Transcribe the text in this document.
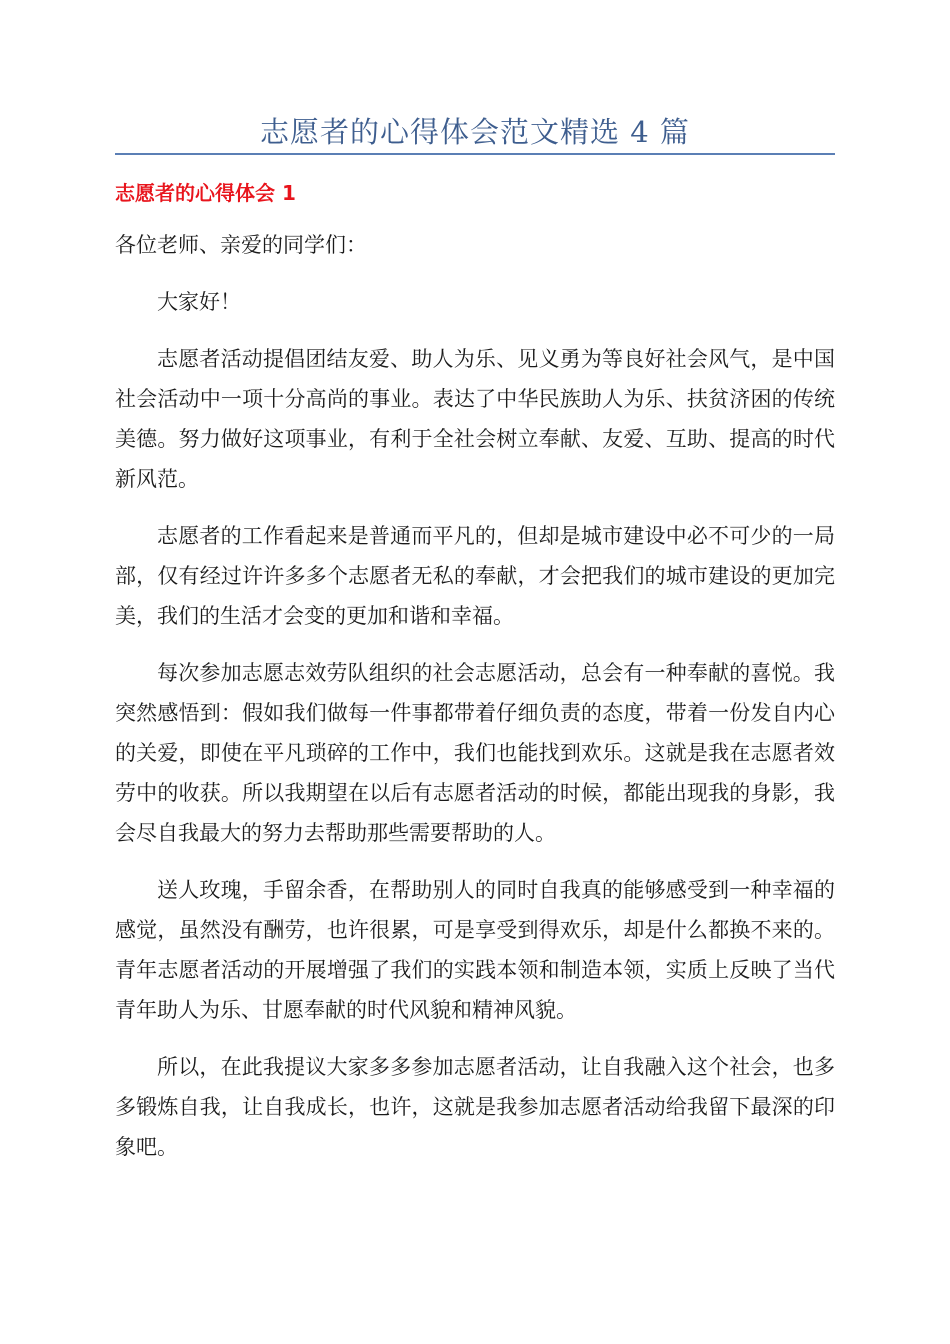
志愿者的心得体会范文精选 4 篇
志愿者的心得体会 1

各位老师、亲爱的同学们：

大家好！

志愿者活动提倡团结友爱、助人为乐、见义勇为等良好社会风气，是中国社会活动中一项十分高尚的事业。表达了中华民族助人为乐、扶贫济困的传统美德。努力做好这项事业，有利于全社会树立奉献、友爱、互助、提高的时代新风范。

志愿者的工作看起来是普通而平凡的，但却是城市建设中必不可少的一局部，仅有经过许许多多个志愿者无私的奉献，才会把我们的城市建设的更加完美，我们的生活才会变的更加和谐和幸福。

每次参加志愿志效劳队组织的社会志愿活动，总会有一种奉献的喜悦。我突然感悟到：假如我们做每一件事都带着仔细负责的态度，带着一份发自内心的关爱，即使在平凡琐碎的工作中，我们也能找到欢乐。这就是我在志愿者效劳中的收获。所以我期望在以后有志愿者活动的时候，都能出现我的身影，我会尽自我最大的努力去帮助那些需要帮助的人。

送人玫瑰，手留余香，在帮助别人的同时自我真的能够感受到一种幸福的感觉，虽然没有酬劳，也许很累，可是享受到得欢乐，却是什么都换不来的。青年志愿者活动的开展增强了我们的实践本领和制造本领，实质上反映了当代青年助人为乐、甘愿奉献的时代风貌和精神风貌。

所以，在此我提议大家多多参加志愿者活动，让自我融入这个社会，也多多锻炼自我，让自我成长，也许，这就是我参加志愿者活动给我留下最深的印象吧。
